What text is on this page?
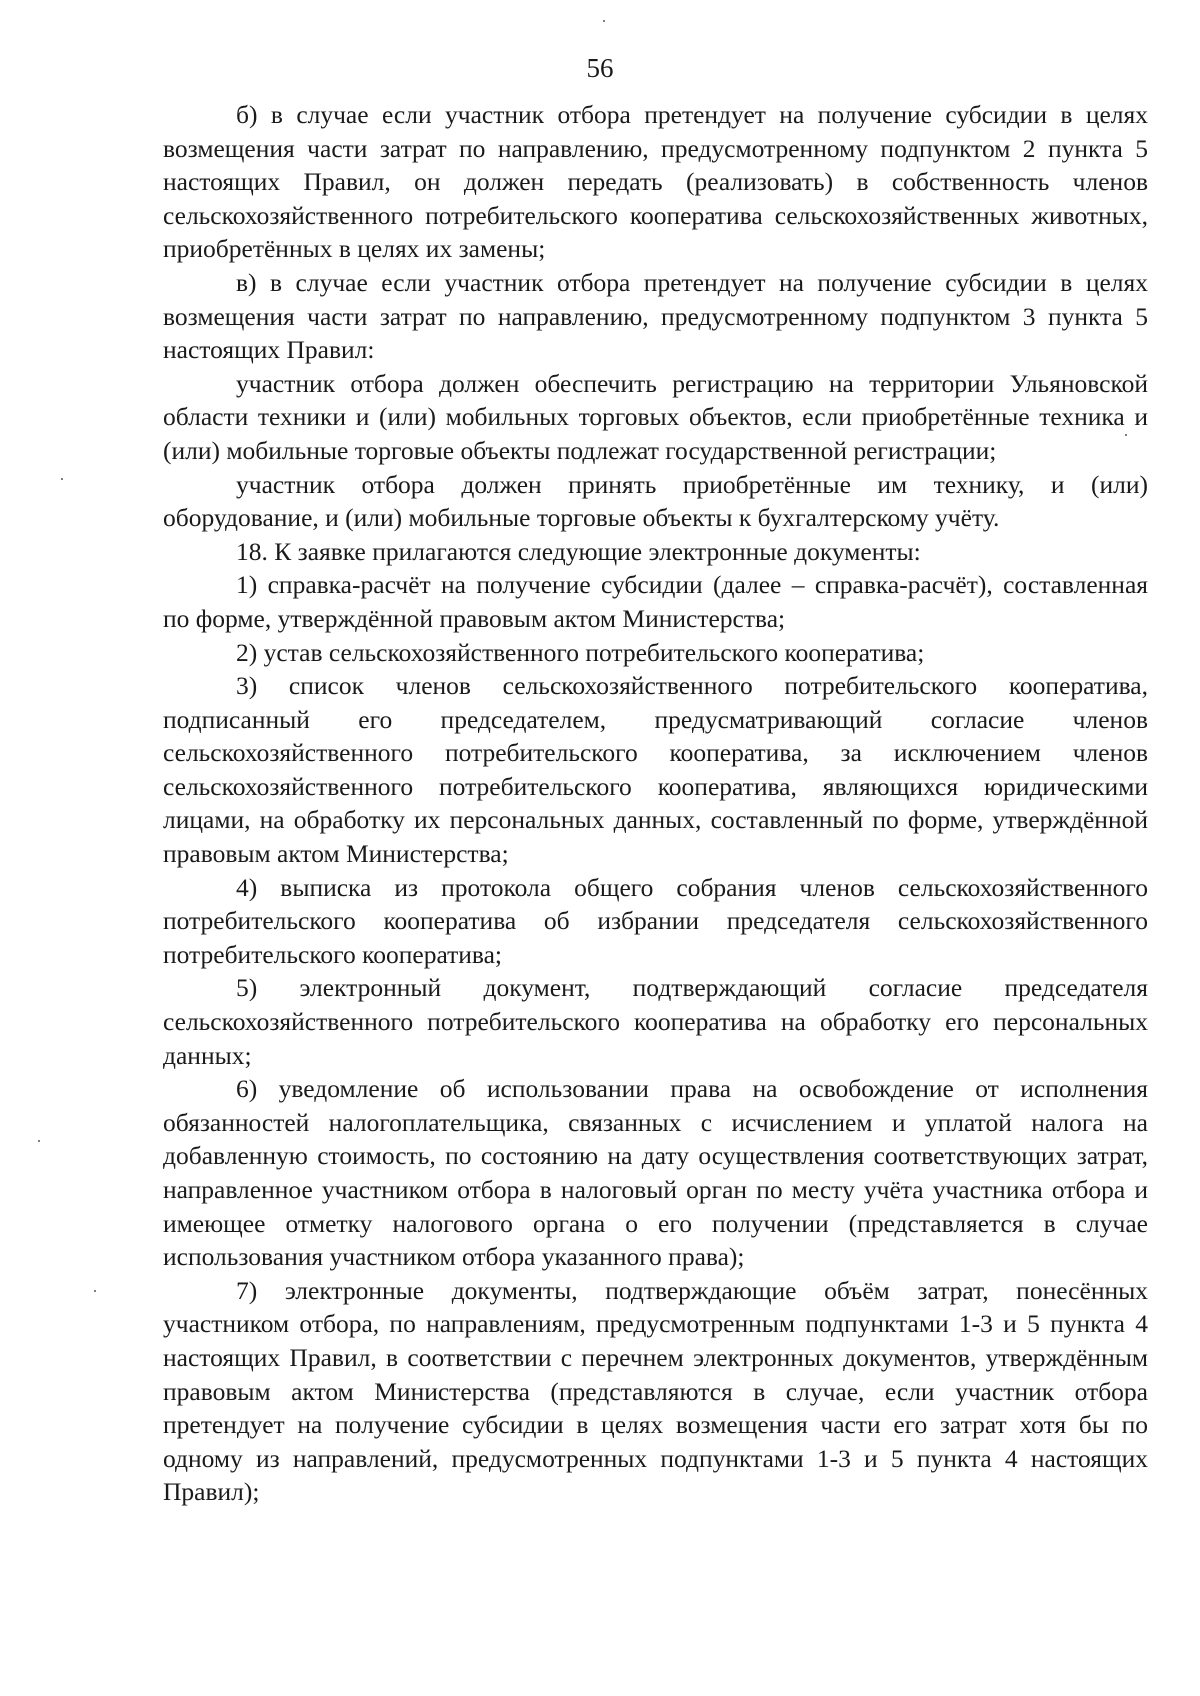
56

б) в случае если участник отбора претендует на получение субсидии в целях возмещения части затрат по направлению, предусмотренному подпунктом 2 пункта 5 настоящих Правил, он должен передать (реализовать) в собственность членов сельскохозяйственного потребительского кооператива сельскохозяйственных животных, приобретённых в целях их замены;

в) в случае если участник отбора претендует на получение субсидии в целях возмещения части затрат по направлению, предусмотренному подпунктом 3 пункта 5 настоящих Правил:

участник отбора должен обеспечить регистрацию на территории Ульяновской области техники и (или) мобильных торговых объектов, если приобретённые техника и (или) мобильные торговые объекты подлежат государственной регистрации;

участник отбора должен принять приобретённые им технику, и (или) оборудование, и (или) мобильные торговые объекты к бухгалтерскому учёту.

18. К заявке прилагаются следующие электронные документы:

1) справка-расчёт на получение субсидии (далее – справка-расчёт), составленная по форме, утверждённой правовым актом Министерства;

2) устав сельскохозяйственного потребительского кооператива;

3) список членов сельскохозяйственного потребительского кооператива, подписанный его председателем, предусматривающий согласие членов сельскохозяйственного потребительского кооператива, за исключением членов сельскохозяйственного потребительского кооператива, являющихся юридическими лицами, на обработку их персональных данных, составленный по форме, утверждённой правовым актом Министерства;

4) выписка из протокола общего собрания членов сельскохозяйственного потребительского кооператива об избрании председателя сельскохозяйственного потребительского кооператива;

5) электронный документ, подтверждающий согласие председателя сельскохозяйственного потребительского кооператива на обработку его персональных данных;

6) уведомление об использовании права на освобождение от исполнения обязанностей налогоплательщика, связанных с исчислением и уплатой налога на добавленную стоимость, по состоянию на дату осуществления соответствующих затрат, направленное участником отбора в налоговый орган по месту учёта участника отбора и имеющее отметку налогового органа о его получении (представляется в случае использования участником отбора указанного права);

7) электронные документы, подтверждающие объём затрат, понесённых участником отбора, по направлениям, предусмотренным подпунктами 1-3 и 5 пункта 4 настоящих Правил, в соответствии с перечнем электронных документов, утверждённым правовым актом Министерства (представляются в случае, если участник отбора претендует на получение субсидии в целях возмещения части его затрат хотя бы по одному из направлений, предусмотренных подпунктами 1-3 и 5 пункта 4 настоящих Правил);
